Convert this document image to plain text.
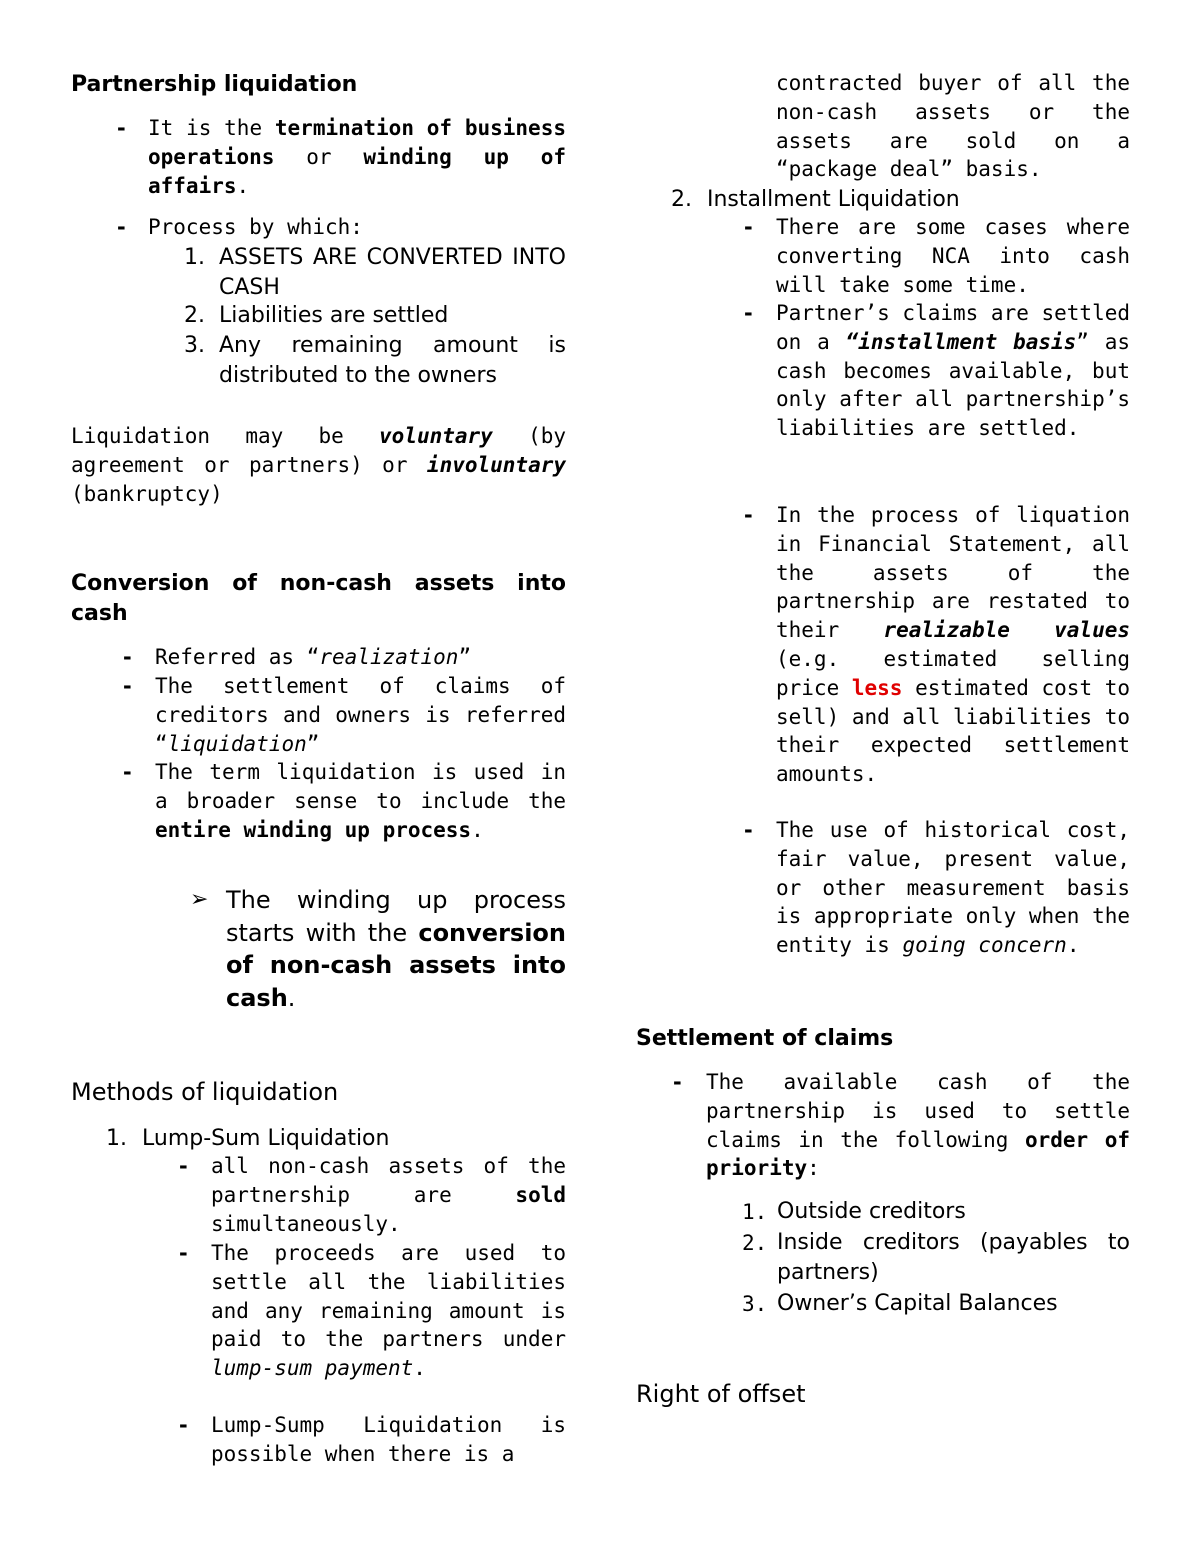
Partnership liquidation
- It is the termination of business operations or winding up of affairs.
- Process by which:
1. ASSETS ARE CONVERTED INTO CASH
2. Liabilities are settled
3. Any remaining amount is distributed to the owners
Liquidation may be voluntary (by agreement or partners) or involuntary (bankruptcy)
Conversion of non-cash assets into cash
- Referred as “realization”
- The settlement of claims of creditors and owners is referred “liquidation”
- The term liquidation is used in a broader sense to include the entire winding up process.
➢ The winding up process starts with the conversion of non-cash assets into cash.
Methods of liquidation
1. Lump-Sum Liquidation
- all non-cash assets of the partnership are sold simultaneously.
- The proceeds are used to settle all the liabilities and any remaining amount is paid to the partners under lump-sum payment.
- Lump-Sump Liquidation is possible when there is a
contracted buyer of all the non-cash assets or the assets are sold on a “package deal” basis.
2. Installment Liquidation
- There are some cases where converting NCA into cash will take some time.
- Partner’s claims are settled on a “installment basis” as cash becomes available, but only after all partnership’s liabilities are settled.
- In the process of liquation in Financial Statement, all the assets of the partnership are restated to their realizable values (e.g. estimated selling price less estimated cost to sell) and all liabilities to their expected settlement amounts.
- The use of historical cost, fair value, present value, or other measurement basis is appropriate only when the entity is going concern.
Settlement of claims
- The available cash of the partnership is used to settle claims in the following order of priority:
1. Outside creditors
2. Inside creditors (payables to partners)
3. Owner’s Capital Balances
Right of offset
